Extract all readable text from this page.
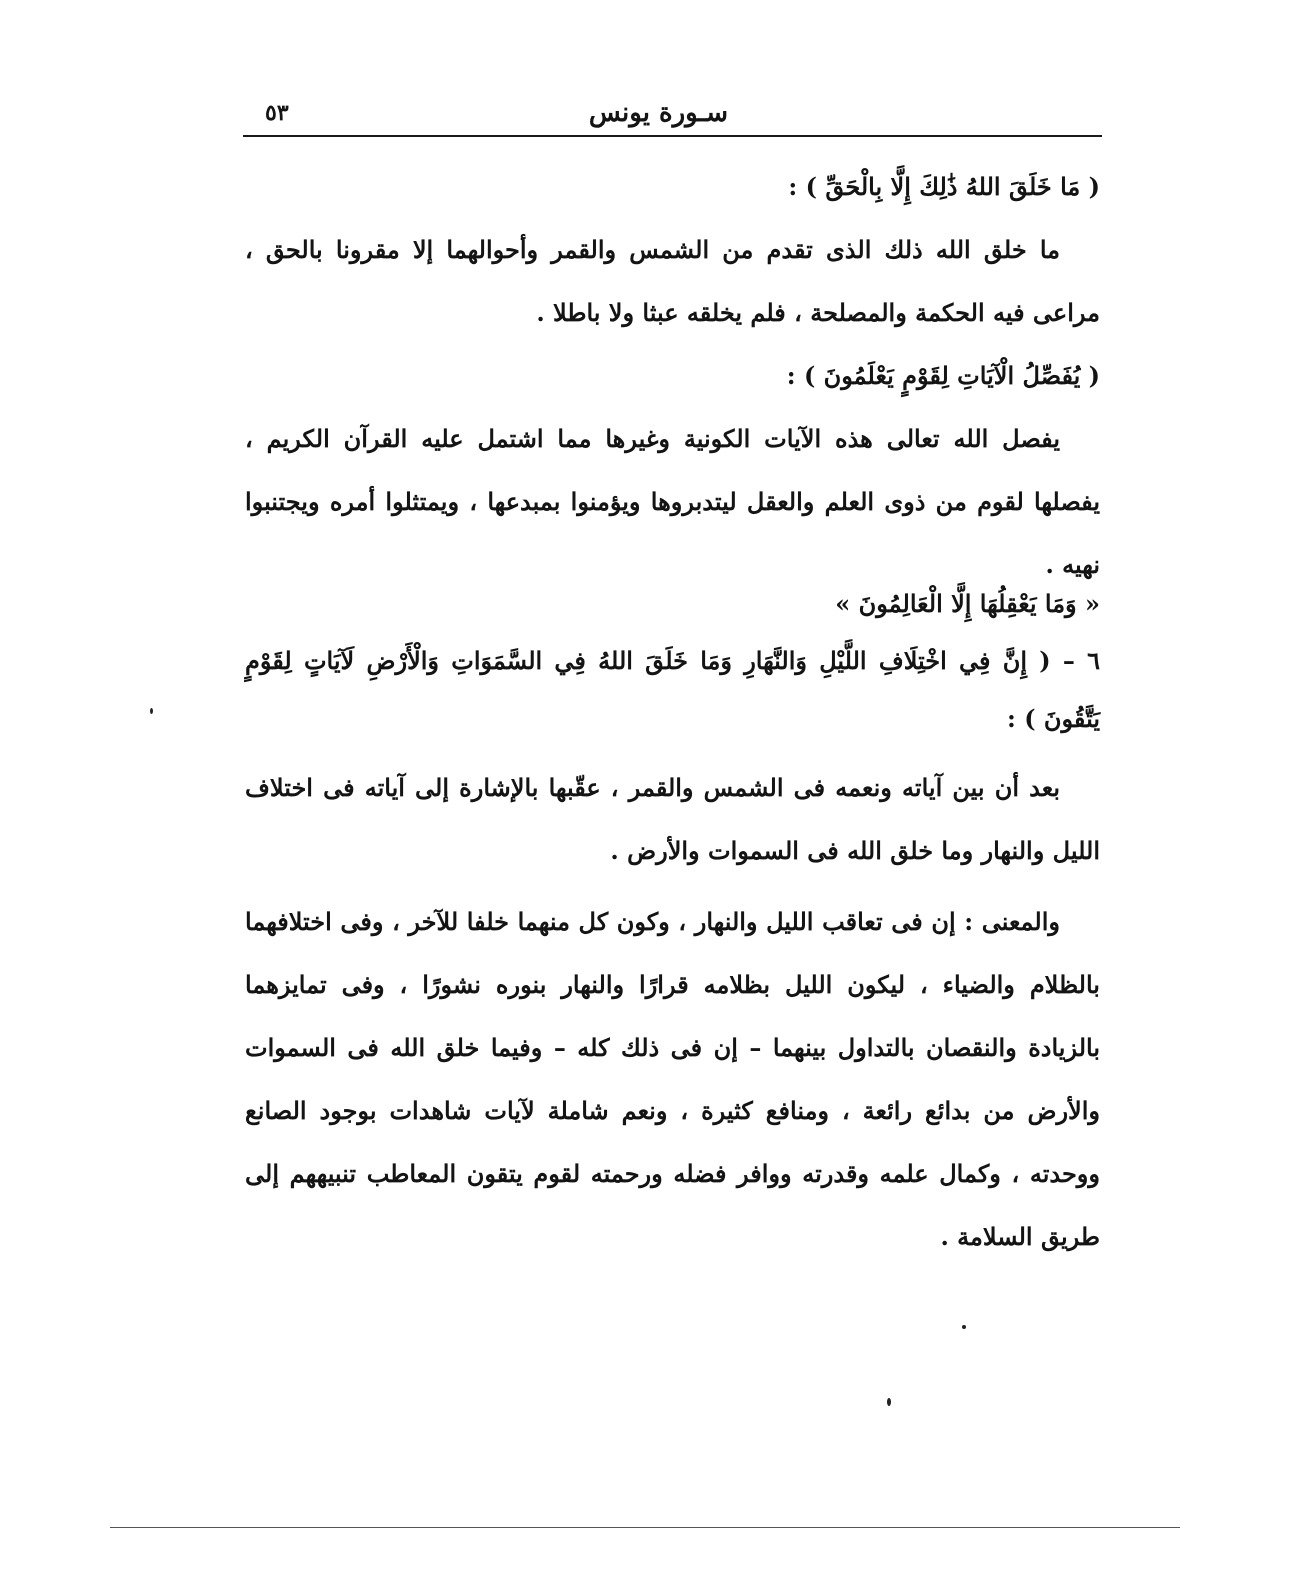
سـورة يونس
٥٣

( مَا خَلَقَ اللهُ ذَٰلِكَ إِلَّا بِالْحَقِّ ) :

ما خلق الله ذلك الذى تقدم من الشمس والقمر وأحوالهما إلا مقرونا بالحق ، مراعى فيه الحكمة والمصلحة ، فلم يخلقه عبثا ولا باطلا .

( يُفَصِّلُ الْآيَاتِ لِقَوْمٍ يَعْلَمُونَ ) :

يفصل الله تعالى هذه الآيات الكونية وغيرها مما اشتمل عليه القرآن الكريم ، يفصلها لقوم من ذوى العلم والعقل ليتدبروها ويؤمنوا بمبدعها ، ويمتثلوا أمره ويجتنبوا نهيه .

« وَمَا يَعْقِلُهَا إِلَّا الْعَالِمُونَ »

٦ – ( إِنَّ فِي اخْتِلَافِ اللَّيْلِ وَالنَّهَارِ وَمَا خَلَقَ اللهُ فِي السَّمَوَاتِ وَالْأَرْضِ لَآيَاتٍ لِقَوْمٍ يَتَّقُونَ ) :

بعد أن بين آياته ونعمه فى الشمس والقمر ، عقّبها بالإشارة إلى آياته فى اختلاف الليل والنهار وما خلق الله فى السموات والأرض .

والمعنى : إن فى تعاقب الليل والنهار ، وكون كل منهما خلفا للآخر ، وفى اختلافهما بالظلام والضياء ، ليكون الليل بظلامه قرارًا والنهار بنوره نشورًا ، وفى تمايزهما بالزيادة والنقصان بالتداول بينهما – إن فى ذلك كله – وفيما خلق الله فى السموات والأرض من بدائع رائعة ، ومنافع كثيرة ، ونعم شاملة لآيات شاهدات بوجود الصانع ووحدته ، وكمال علمه وقدرته ووافر فضله ورحمته لقوم يتقون المعاطب تنبيههم إلى طريق السلامة .
